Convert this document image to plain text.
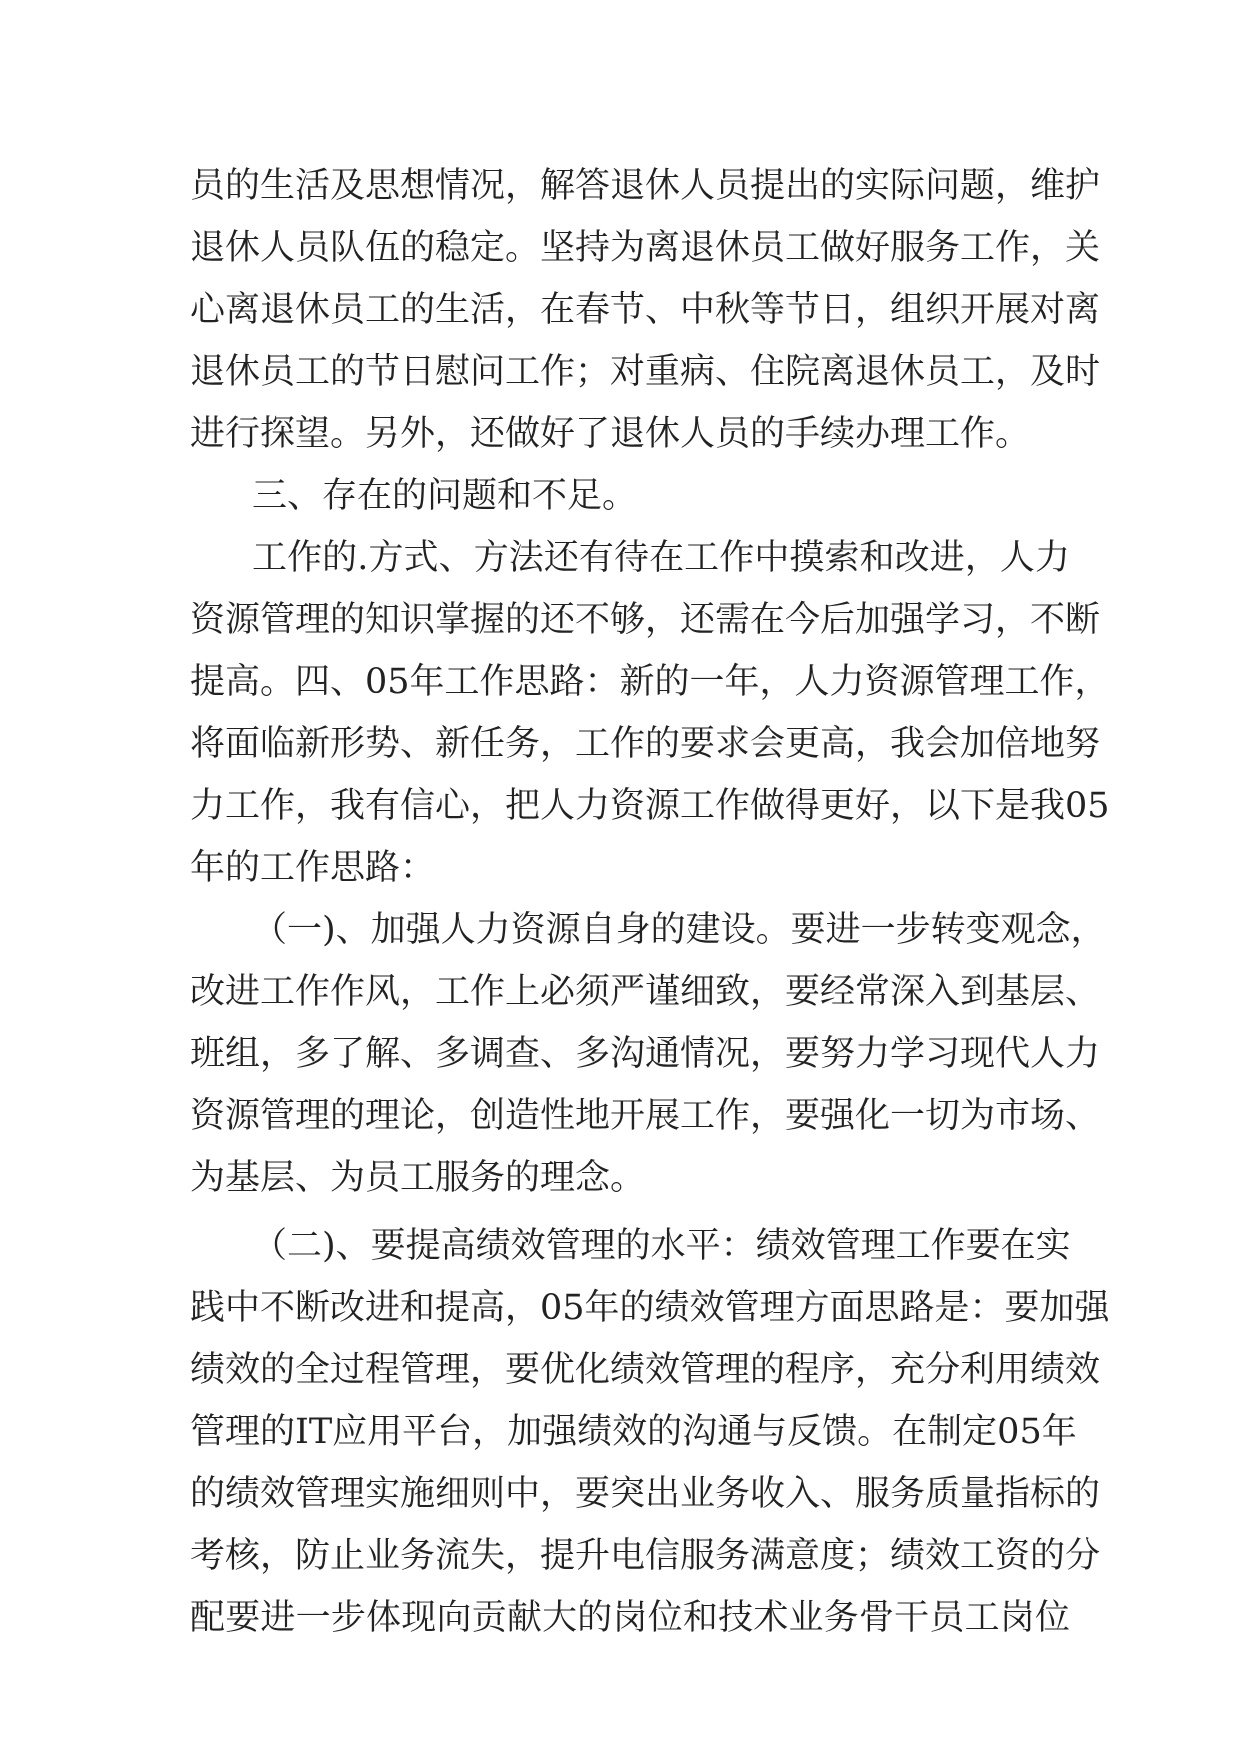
员的生活及思想情况，解答退休人员提出的实际问题，维护
退休人员队伍的稳定。坚持为离退休员工做好服务工作，关
心离退休员工的生活，在春节、中秋等节日，组织开展对离
退休员工的节日慰问工作；对重病、住院离退休员工，及时
进行探望。另外，还做好了退休人员的手续办理工作。
三、存在的问题和不足。
工作的.方式、方法还有待在工作中摸索和改进，人力
资源管理的知识掌握的还不够，还需在今后加强学习，不断
提高。四、05年工作思路：新的一年，人力资源管理工作，
将面临新形势、新任务，工作的要求会更高，我会加倍地努
力工作，我有信心，把人力资源工作做得更好，以下是我05
年的工作思路：
（一)、加强人力资源自身的建设。要进一步转变观念，
改进工作作风，工作上必须严谨细致，要经常深入到基层、
班组，多了解、多调查、多沟通情况，要努力学习现代人力
资源管理的理论，创造性地开展工作，要强化一切为市场、
为基层、为员工服务的理念。
（二)、要提高绩效管理的水平：绩效管理工作要在实
践中不断改进和提高，05年的绩效管理方面思路是：要加强
绩效的全过程管理，要优化绩效管理的程序，充分利用绩效
管理的IT应用平台，加强绩效的沟通与反馈。在制定05年
的绩效管理实施细则中，要突出业务收入、服务质量指标的
考核，防止业务流失，提升电信服务满意度；绩效工资的分
配要进一步体现向贡献大的岗位和技术业务骨干员工岗位
